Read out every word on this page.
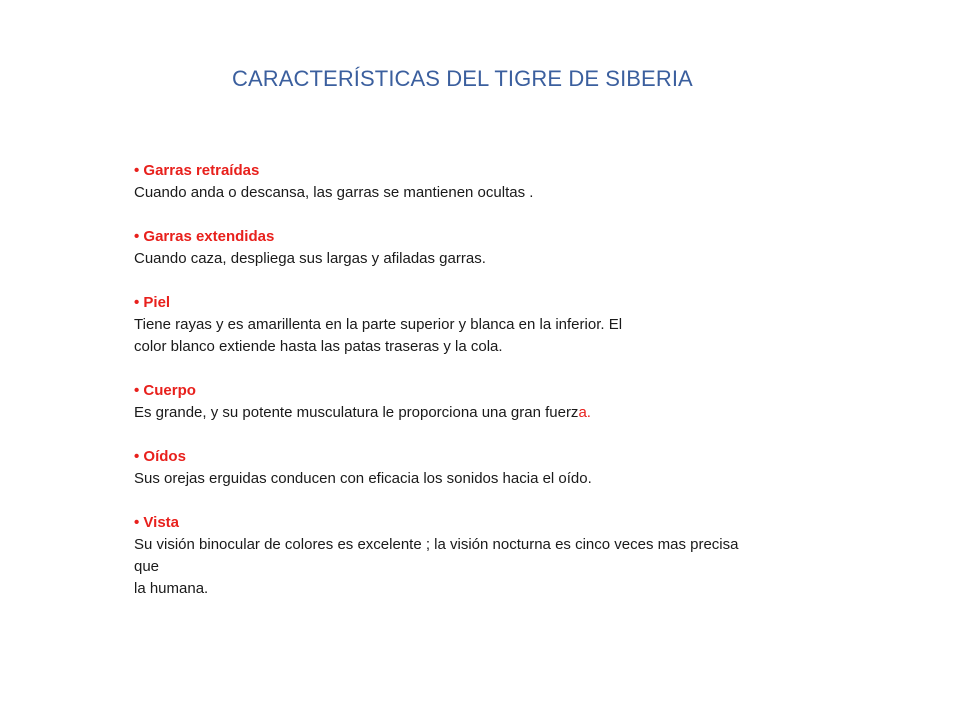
CARACTERÍSTICAS DEL TIGRE DE SIBERIA
• Garras retraídas
Cuando anda o descansa, las garras se mantienen ocultas .
• Garras extendidas
Cuando caza, despliega sus largas y afiladas garras.
• Piel
Tiene rayas y es amarillenta en la parte superior y blanca en la inferior. El
color blanco extiende hasta las patas traseras y la cola.
• Cuerpo
Es grande, y su potente musculatura le proporciona una gran fuerza.
• Oídos
Sus orejas erguidas conducen con eficacia los sonidos hacia el oído.
• Vista
Su visión binocular de colores es excelente ; la visión nocturna es cinco veces mas precisa
que
la humana.
